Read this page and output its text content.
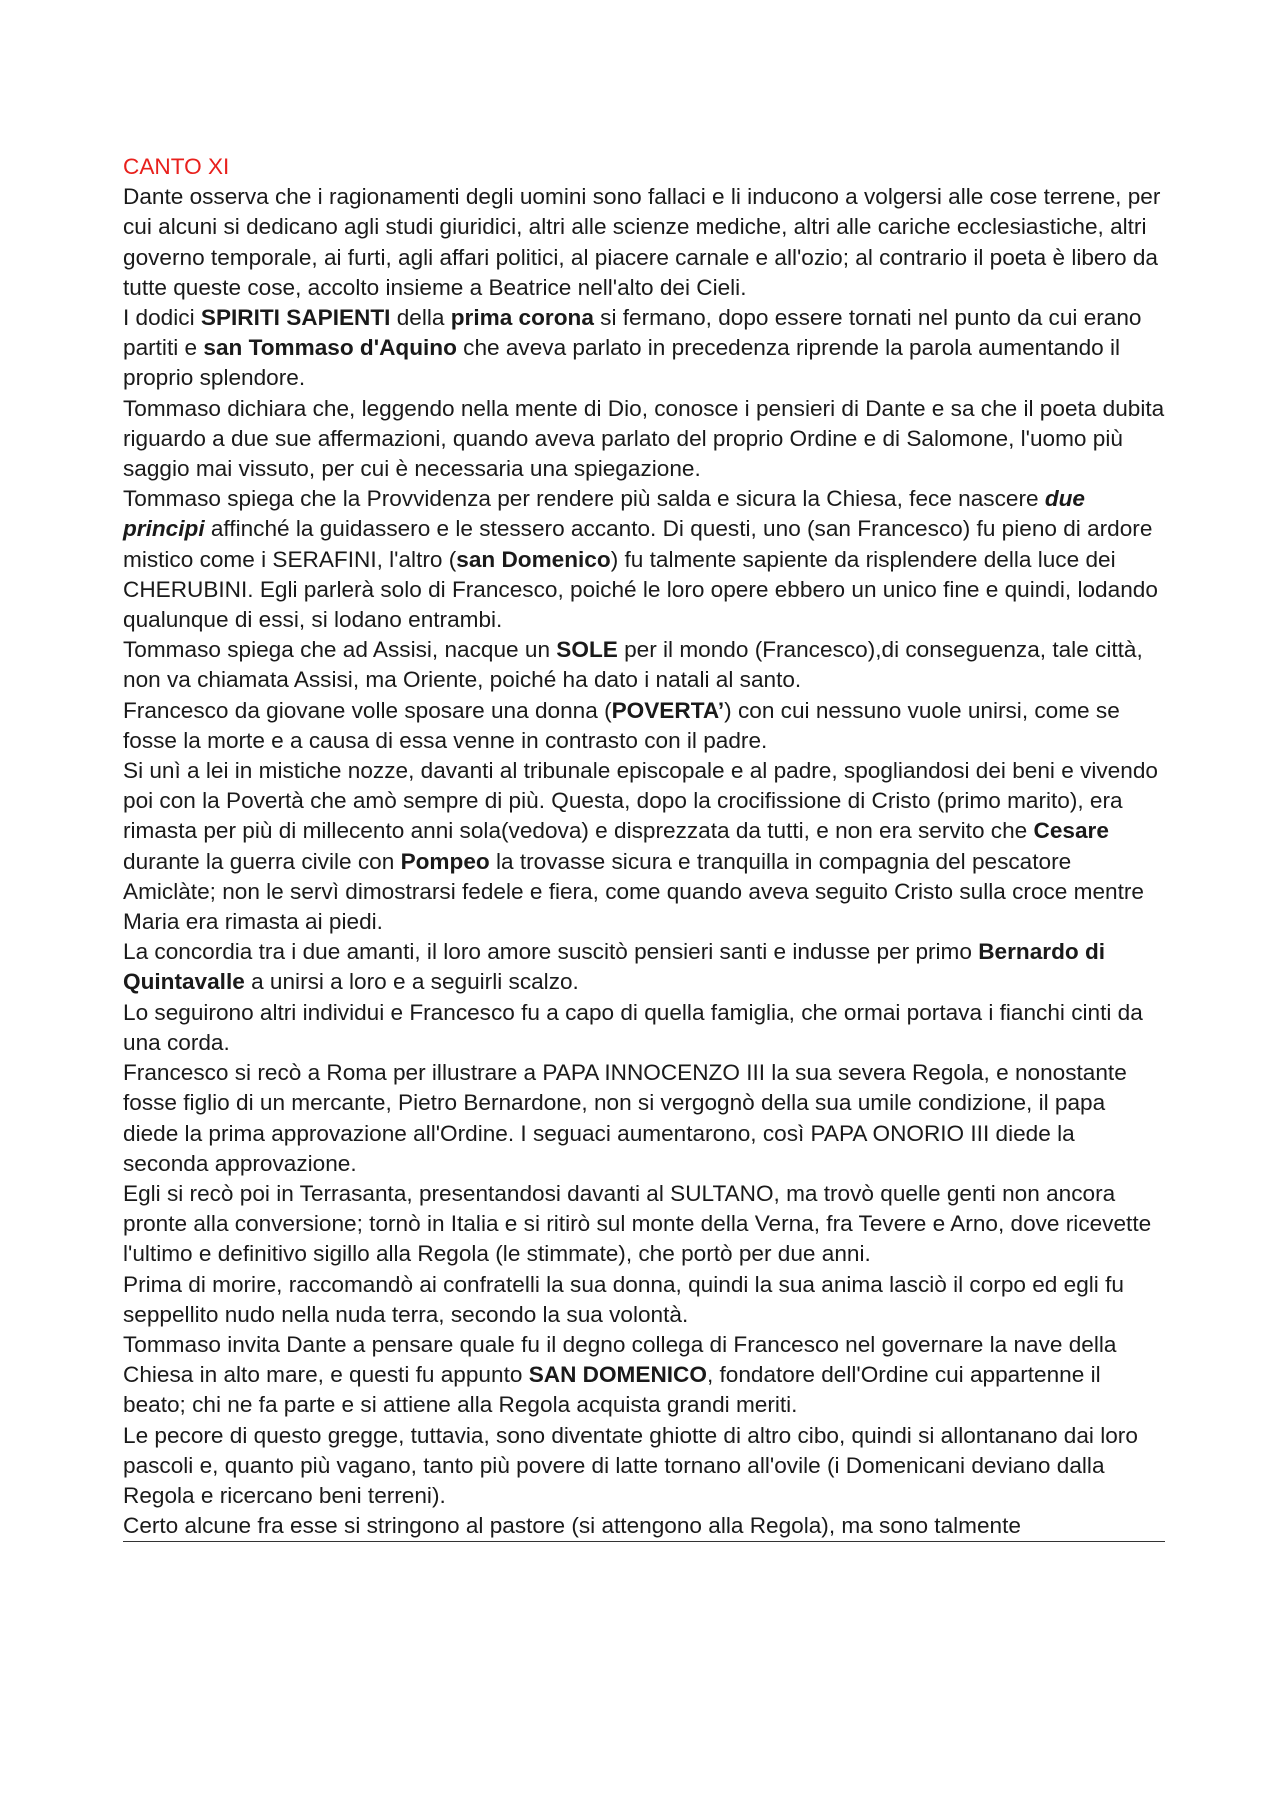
CANTO XI

Dante osserva che i ragionamenti degli uomini sono fallaci e li inducono a volgersi alle cose terrene, per cui alcuni si dedicano agli studi giuridici, altri alle scienze mediche, altri alle cariche ecclesiastiche, altri governo temporale, ai furti, agli affari politici, al piacere carnale e all'ozio; al contrario il poeta è libero da tutte queste cose, accolto insieme a Beatrice nell'alto dei Cieli.

I dodici SPIRITI SAPIENTI della prima corona si fermano, dopo essere tornati nel punto da cui erano partiti e san Tommaso d'Aquino che aveva parlato in precedenza riprende la parola aumentando il proprio splendore.

Tommaso dichiara che, leggendo nella mente di Dio, conosce i pensieri di Dante e sa che il poeta dubita riguardo a due sue affermazioni, quando aveva parlato del proprio Ordine e di Salomone, l'uomo più saggio mai vissuto, per cui è necessaria una spiegazione.

Tommaso spiega che la Provvidenza per rendere più salda e sicura la Chiesa, fece nascere due principi affinché la guidassero e le stessero accanto. Di questi, uno (san Francesco) fu pieno di ardore mistico come i SERAFINI, l'altro (san Domenico) fu talmente sapiente da risplendere della luce dei CHERUBINI. Egli parlerà solo di Francesco, poiché le loro opere ebbero un unico fine e quindi, lodando qualunque di essi, si lodano entrambi.

Tommaso spiega che ad Assisi, nacque un SOLE per il mondo (Francesco),di conseguenza, tale città, non va chiamata Assisi, ma Oriente, poiché ha dato i natali al santo.

Francesco da giovane volle sposare una donna (POVERTA’) con cui nessuno vuole unirsi, come se fosse la morte e a causa di essa venne in contrasto con il padre.

Si unì a lei in mistiche nozze, davanti al tribunale episcopale e al padre, spogliandosi dei beni e vivendo poi con la Povertà che amò sempre di più. Questa, dopo la crocifissione di Cristo (primo marito), era rimasta per più di millecento anni sola(vedova) e disprezzata da tutti, e non era servito che Cesare durante la guerra civile con Pompeo la trovasse sicura e tranquilla in compagnia del pescatore Amiclàte; non le servì dimostrarsi fedele e fiera, come quando aveva seguito Cristo sulla croce mentre Maria era rimasta ai piedi.

La concordia tra i due amanti, il loro amore suscitò pensieri santi e indusse per primo Bernardo di Quintavalle a unirsi a loro e a seguirli scalzo.

Lo seguirono altri individui e Francesco fu a capo di quella famiglia, che ormai portava i fianchi cinti da una corda.

Francesco si recò a Roma per illustrare a PAPA INNOCENZO III la sua severa Regola, e nonostante fosse figlio di un mercante, Pietro Bernardone, non si vergognò della sua umile condizione, il papa diede la prima approvazione all'Ordine. I seguaci aumentarono, così PAPA ONORIO III diede la seconda approvazione.

Egli si recò poi in Terrasanta, presentandosi davanti al SULTANO, ma trovò quelle genti non ancora pronte alla conversione; tornò in Italia e si ritirò sul monte della Verna, fra Tevere e Arno, dove ricevette l'ultimo e definitivo sigillo alla Regola (le stimmate), che portò per due anni.

Prima di morire, raccomandò ai confratelli la sua donna, quindi la sua anima lasciò il corpo ed egli fu seppellito nudo nella nuda terra, secondo la sua volontà.

Tommaso invita Dante a pensare quale fu il degno collega di Francesco nel governare la nave della Chiesa in alto mare, e questi fu appunto SAN DOMENICO, fondatore dell'Ordine cui appartenne il beato; chi ne fa parte e si attiene alla Regola acquista grandi meriti.

Le pecore di questo gregge, tuttavia, sono diventate ghiotte di altro cibo, quindi si allontanano dai loro pascoli e, quanto più vagano, tanto più povere di latte tornano all'ovile (i Domenicani deviano dalla Regola e ricercano beni terreni).

Certo alcune fra esse si stringono al pastore (si attengono alla Regola), ma sono talmente
